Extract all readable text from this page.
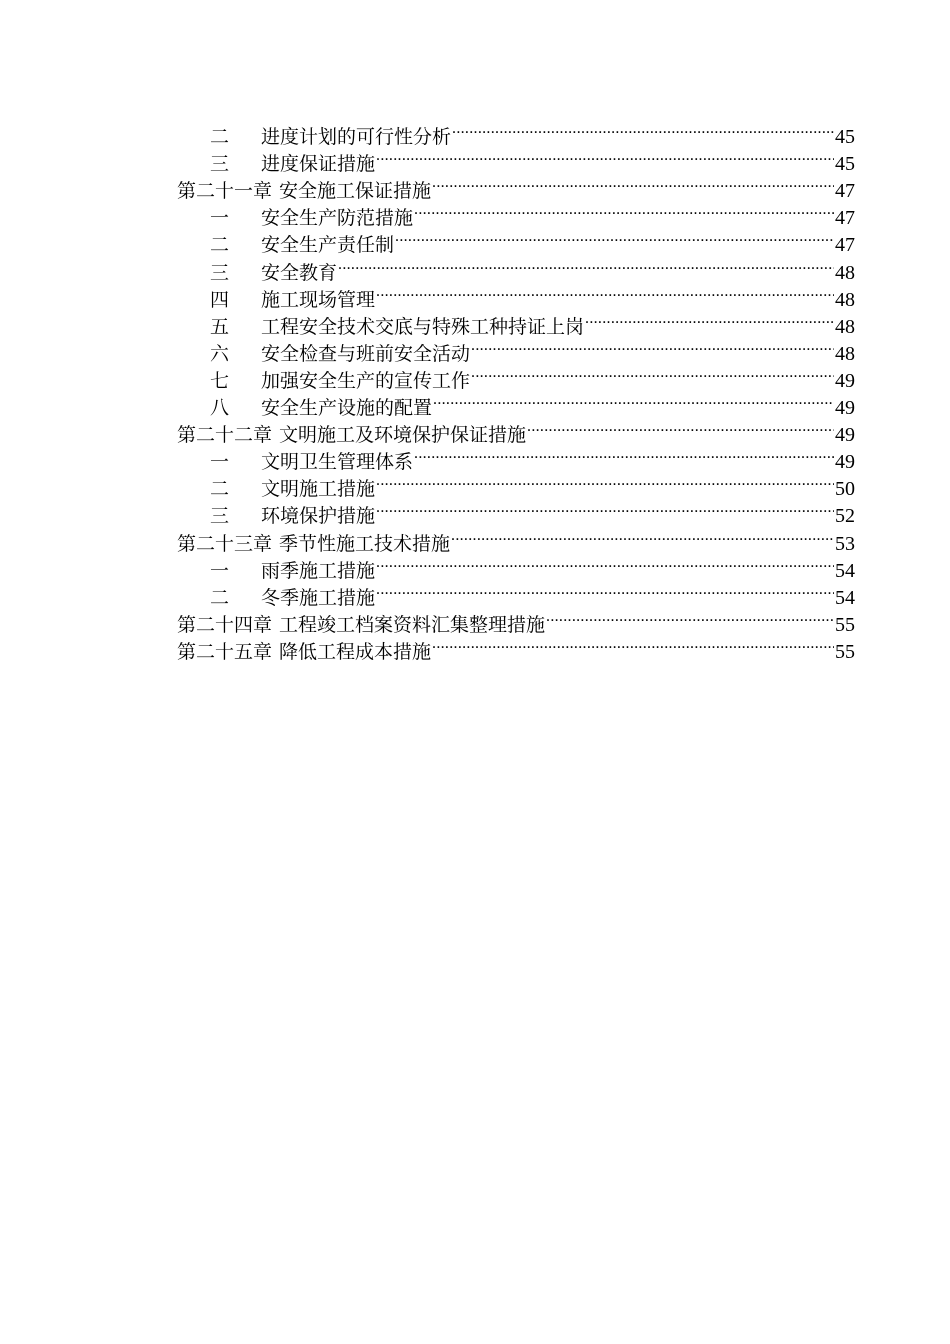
二	进度计划的可行性分析 .....	45
三	进度保证措施 .....	45
第二十一章 安全施工保证措施 .....	47
一	安全生产防范措施 .....	47
二	安全生产责任制 .....	47
三	安全教育 .....	48
四	施工现场管理 .....	48
五	工程安全技术交底与特殊工种持证上岗 .....	48
六	安全检查与班前安全活动 .....	48
七	加强安全生产的宣传工作 .....	49
八	安全生产设施的配置 .....	49
第二十二章 文明施工及环境保护保证措施 .....	49
一	文明卫生管理体系 .....	49
二	文明施工措施 .....	50
三	环境保护措施 .....	52
第二十三章 季节性施工技术措施 .....	53
一	雨季施工措施 .....	54
二	冬季施工措施 .....	54
第二十四章 工程竣工档案资料汇集整理措施 .....	55
第二十五章 降低工程成本措施 .....	55
